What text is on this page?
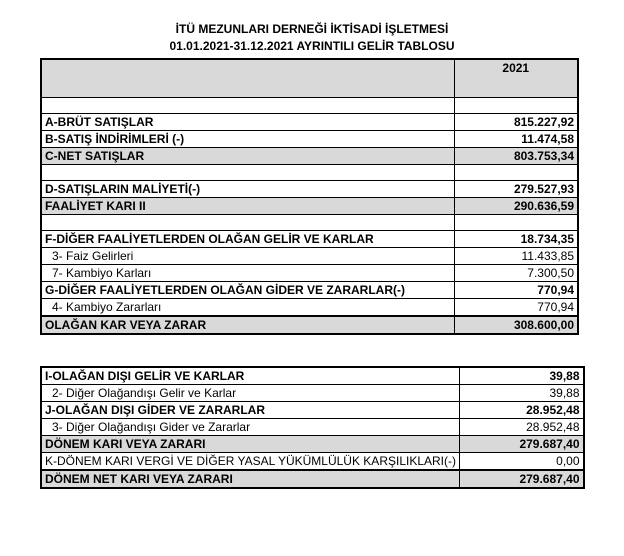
İTÜ MEZUNLARI DERNEĞİ İKTİSADİ İŞLETMESİ
01.01.2021-31.12.2021 AYRINTILI GELİR TABLOSU
	2021

A-BRÜT SATIŞLAR	815.227,92
B-SATIŞ İNDİRİMLERİ (-)	11.474,58
C-NET SATIŞLAR	803.753,34

D-SATIŞLARIN MALİYETİ(-)	279.527,93
FAALİYET KARI II	290.636,59

F-DİĞER FAALİYETLERDEN OLAĞAN GELİR VE KARLAR	18.734,35
3- Faiz Gelirleri	11.433,85
7- Kambiyo Karları	7.300,50
G-DİĞER FAALİYETLERDEN OLAĞAN GİDER VE ZARARLAR(-)	770,94
4- Kambiyo Zararları	770,94
OLAĞAN KAR VEYA ZARAR	308.600,00
I-OLAĞAN DIŞI GELİR VE KARLAR	39,88
2- Diğer Olağandışı Gelir ve Karlar	39,88
J-OLAĞAN DIŞI GİDER VE ZARARLAR	28.952,48
3- Diğer Olağandışı Gider ve Zararlar	28.952,48
DÖNEM KARI VEYA ZARARI	279.687,40
K-DÖNEM KARI VERGİ VE DİĞER YASAL YÜKÜMLÜLÜK KARŞILIKLARI(-)	0,00
DÖNEM NET KARI VEYA ZARARI	279.687,40
